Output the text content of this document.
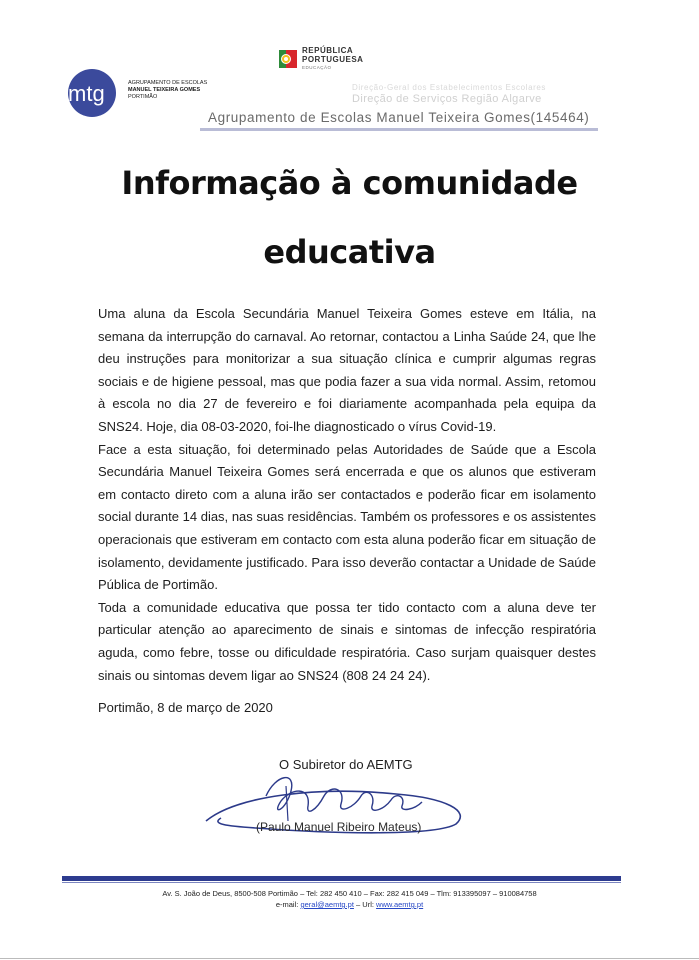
REPÚBLICA
PORTUGUESA
EDUCAÇÃO
mtg	AGRUPAMENTO DE ESCOLAS
MANUEL TEIXEIRA GOMES
PORTIMÃO
Direção-Geral dos Estabelecimentos Escolares
Direção de Serviços Região Algarve
Agrupamento de Escolas Manuel Teixeira Gomes(145464)
Informação à comunidade
educativa

Uma aluna da Escola Secundária Manuel Teixeira Gomes esteve em Itália, na semana da interrupção do carnaval. Ao retornar, contactou a Linha Saúde 24, que lhe deu instruções para monitorizar a sua situação clínica e cumprir algumas regras sociais e de higiene pessoal, mas que podia fazer a sua vida normal. Assim, retomou à escola no dia 27 de fevereiro e foi diariamente acompanhada pela equipa da SNS24. Hoje, dia 08-03-2020, foi-lhe diagnosticado o vírus Covid-19.

Face a esta situação, foi determinado pelas Autoridades de Saúde que a Escola Secundária Manuel Teixeira Gomes será encerrada e que os alunos que estiveram em contacto direto com a aluna irão ser contactados e poderão ficar em isolamento social durante 14 dias, nas suas residências. Também os professores e os assistentes operacionais que estiveram em contacto com esta aluna poderão ficar em situação de isolamento, devidamente justificado. Para isso deverão contactar a Unidade de Saúde Pública de Portimão.

Toda a comunidade educativa que possa ter tido contacto com a aluna deve ter particular atenção ao aparecimento de sinais e sintomas de infecção respiratória aguda, como febre, tosse ou dificuldade respiratória. Caso surjam quaisquer destes sinais ou sintomas devem ligar ao SNS24 (808 24 24 24).

Portimão, 8 de março de 2020
O Subiretor do AEMTG
(Paulo Manuel Ribeiro Mateus)
Av. S. João de Deus, 8500-508 Portimão – Tel: 282 450 410 – Fax: 282 415 049 – Tlm: 913395097 – 910084758
e-mail: geral@aemtg.pt – Url: www.aemtg.pt
